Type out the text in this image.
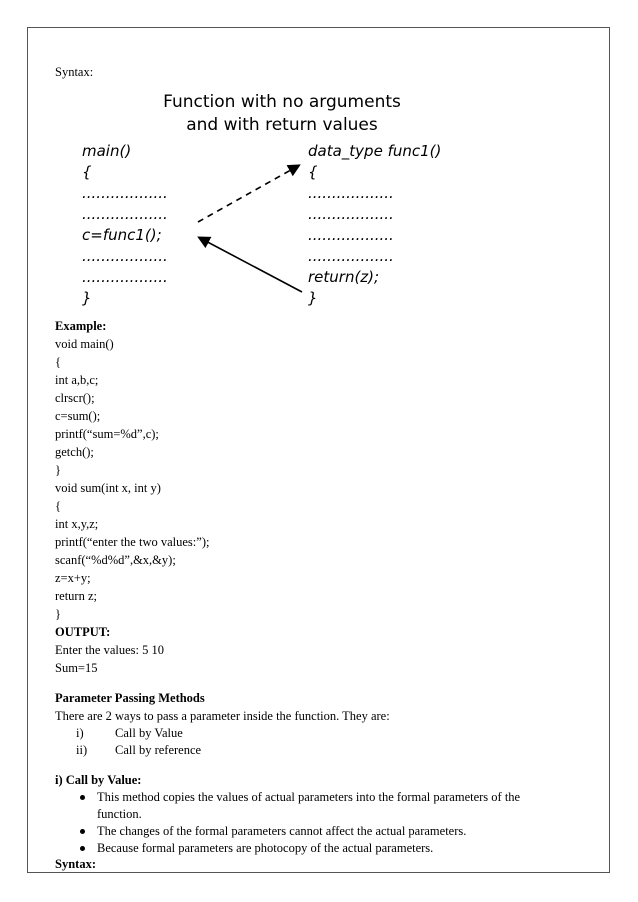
Syntax:
Function with no arguments
and with return values
main()
{
..................
..................
c=func1();
..................
..................
}
data_type func1()
{
..................
..................
..................
..................
return(z);
}
Example:
void main()
{
int a,b,c;
clrscr();
c=sum();
printf(“sum=%d”,c);
getch();
}
void sum(int x, int y)
{
int x,y,z;
printf(“enter the two values:”);
scanf(“%d%d”,&x,&y);
z=x+y;
return z;
}
OUTPUT:
Enter the values: 5 10
Sum=15
Parameter Passing Methods
There are 2 ways to pass a parameter inside the function. They are:
i)	Call by Value
ii) Call by reference
i) Call by Value:
This method copies the values of actual parameters into the formal parameters of the
function.
The changes of the formal parameters cannot affect the actual parameters.
Because formal parameters are photocopy of the actual parameters.
Syntax:
